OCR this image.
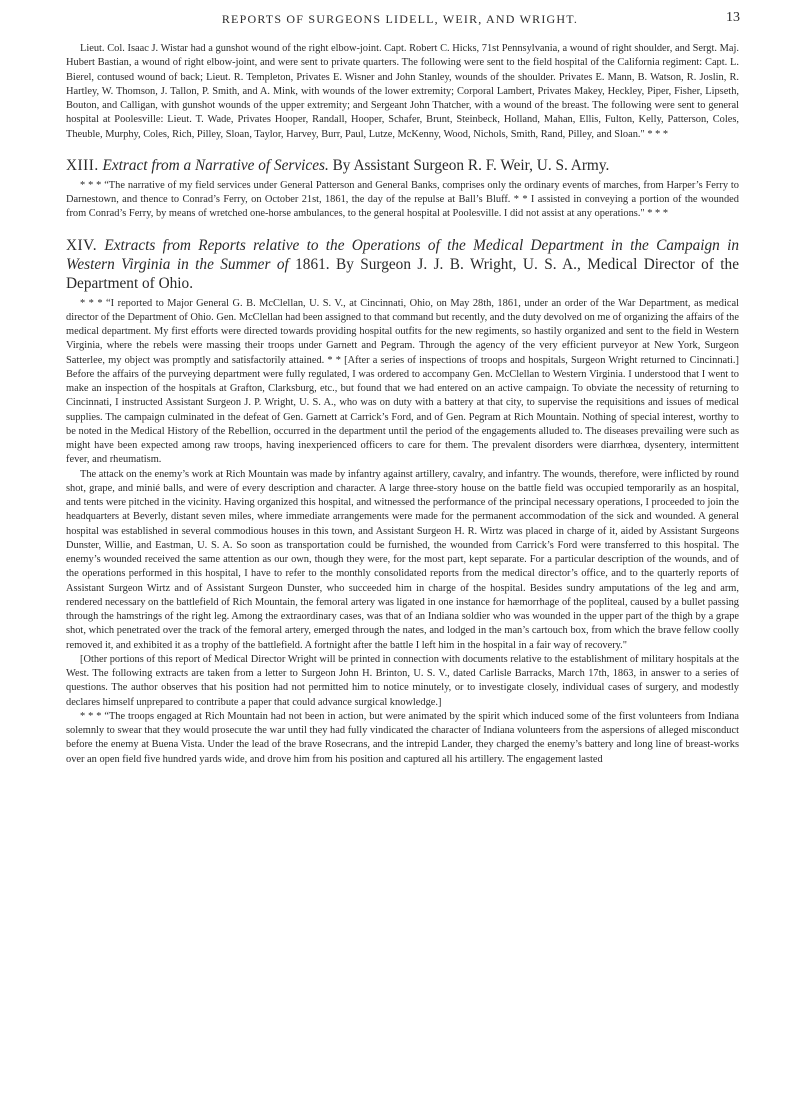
REPORTS OF SURGEONS LIDELL, WEIR, AND WRIGHT.	13

Lieut. Col. Isaac J. Wistar had a gunshot wound of the right elbow-joint. Capt. Robert C. Hicks, 71st Pennsylvania, a wound of right shoulder, and Sergt. Maj. Hubert Bastian, a wound of right elbow-joint, and were sent to private quarters. The following were sent to the field hospital of the California regiment: Capt. L. Bierel, contused wound of back; Lieut. R. Templeton, Privates E. Wisner and John Stanley, wounds of the shoulder. Privates E. Mann, B. Watson, R. Joslin, R. Hartley, W. Thomson, J. Tallon, P. Smith, and A. Mink, with wounds of the lower extremity; Corporal Lambert, Privates Makey, Heckley, Piper, Fisher, Lipseth, Bouton, and Calligan, with gunshot wounds of the upper extremity; and Sergeant John Thatcher, with a wound of the breast. The following were sent to general hospital at Poolesville: Lieut. T. Wade, Privates Hooper, Randall, Hooper, Schafer, Brunt, Steinbeck, Holland, Mahan, Ellis, Fulton, Kelly, Patterson, Coles, Theuble, Murphy, Coles, Rich, Pilley, Sloan, Taylor, Harvey, Burr, Paul, Lutze, McKenny, Wood, Nichols, Smith, Rand, Pilley, and Sloan." * * *

XIII. Extract from a Narrative of Services. By Assistant Surgeon R. F. Weir, U. S. Army.

* * * “The narrative of my field services under General Patterson and General Banks, comprises only the ordinary events of marches, from Harper’s Ferry to Darnestown, and thence to Conrad’s Ferry, on October 21st, 1861, the day of the repulse at Ball’s Bluff. * * I assisted in conveying a portion of the wounded from Conrad’s Ferry, by means of wretched one-horse ambulances, to the general hospital at Poolesville. I did not assist at any operations." * * *

XIV. Extracts from Reports relative to the Operations of the Medical Department in the Campaign in Western Virginia in the Summer of 1861. By Surgeon J. J. B. Wright, U. S. A., Medical Director of the Department of Ohio.

* * * “I reported to Major General G. B. McClellan, U. S. V., at Cincinnati, Ohio, on May 28th, 1861, under an order of the War Department, as medical director of the Department of Ohio. Gen. McClellan had been assigned to that command but recently, and the duty devolved on me of organizing the affairs of the medical department. My first efforts were directed towards providing hospital outfits for the new regiments, so hastily organized and sent to the field in Western Virginia, where the rebels were massing their troops under Garnett and Pegram. Through the agency of the very efficient purveyor at New York, Surgeon Satterlee, my object was promptly and satisfactorily attained. * * [After a series of inspections of troops and hospitals, Surgeon Wright returned to Cincinnati.] Before the affairs of the purveying department were fully regulated, I was ordered to accompany Gen. McClellan to Western Virginia. I understood that I went to make an inspection of the hospitals at Grafton, Clarksburg, etc., but found that we had entered on an active campaign. To obviate the necessity of returning to Cincinnati, I instructed Assistant Surgeon J. P. Wright, U. S. A., who was on duty with a battery at that city, to supervise the requisitions and issues of medical supplies. The campaign culminated in the defeat of Gen. Garnett at Carrick’s Ford, and of Gen. Pegram at Rich Mountain. Nothing of special interest, worthy to be noted in the Medical History of the Rebellion, occurred in the department until the period of the engagements alluded to. The diseases prevailing were such as might have been expected among raw troops, having inexperienced officers to care for them. The prevalent disorders were diarrhœa, dysentery, intermittent fever, and rheumatism.

The attack on the enemy’s work at Rich Mountain was made by infantry against artillery, cavalry, and infantry. The wounds, therefore, were inflicted by round shot, grape, and minié balls, and were of every description and character. A large three-story house on the battle field was occupied temporarily as an hospital, and tents were pitched in the vicinity. Having organized this hospital, and witnessed the performance of the principal necessary operations, I proceeded to join the headquarters at Beverly, distant seven miles, where immediate arrangements were made for the permanent accommodation of the sick and wounded. A general hospital was established in several commodious houses in this town, and Assistant Surgeon H. R. Wirtz was placed in charge of it, aided by Assistant Surgeons Dunster, Willie, and Eastman, U. S. A. So soon as transportation could be furnished, the wounded from Carrick’s Ford were transferred to this hospital. The enemy’s wounded received the same attention as our own, though they were, for the most part, kept separate. For a particular description of the wounds, and of the operations performed in this hospital, I have to refer to the monthly consolidated reports from the medical director’s office, and to the quarterly reports of Assistant Surgeon Wirtz and of Assistant Surgeon Dunster, who succeeded him in charge of the hospital. Besides sundry amputations of the leg and arm, rendered necessary on the battlefield of Rich Mountain, the femoral artery was ligated in one instance for hæmorrhage of the popliteal, caused by a bullet passing through the hamstrings of the right leg. Among the extraordinary cases, was that of an Indiana soldier who was wounded in the upper part of the thigh by a grape shot, which penetrated over the track of the femoral artery, emerged through the nates, and lodged in the man’s cartouch box, from which the brave fellow coolly removed it, and exhibited it as a trophy of the battlefield. A fortnight after the battle I left him in the hospital in a fair way of recovery."

[Other portions of this report of Medical Director Wright will be printed in connection with documents relative to the establishment of military hospitals at the West. The following extracts are taken from a letter to Surgeon John H. Brinton, U. S. V., dated Carlisle Barracks, March 17th, 1863, in answer to a series of questions. The author observes that his position had not permitted him to notice minutely, or to investigate closely, individual cases of surgery, and modestly declares himself unprepared to contribute a paper that could advance surgical knowledge.]

* * * “The troops engaged at Rich Mountain had not been in action, but were animated by the spirit which induced some of the first volunteers from Indiana solemnly to swear that they would prosecute the war until they had fully vindicated the character of Indiana volunteers from the aspersions of alleged misconduct before the enemy at Buena Vista. Under the lead of the brave Rosecrans, and the intrepid Lander, they charged the enemy’s battery and long line of breast-works over an open field five hundred yards wide, and drove him from his position and captured all his artillery. The engagement lasted
